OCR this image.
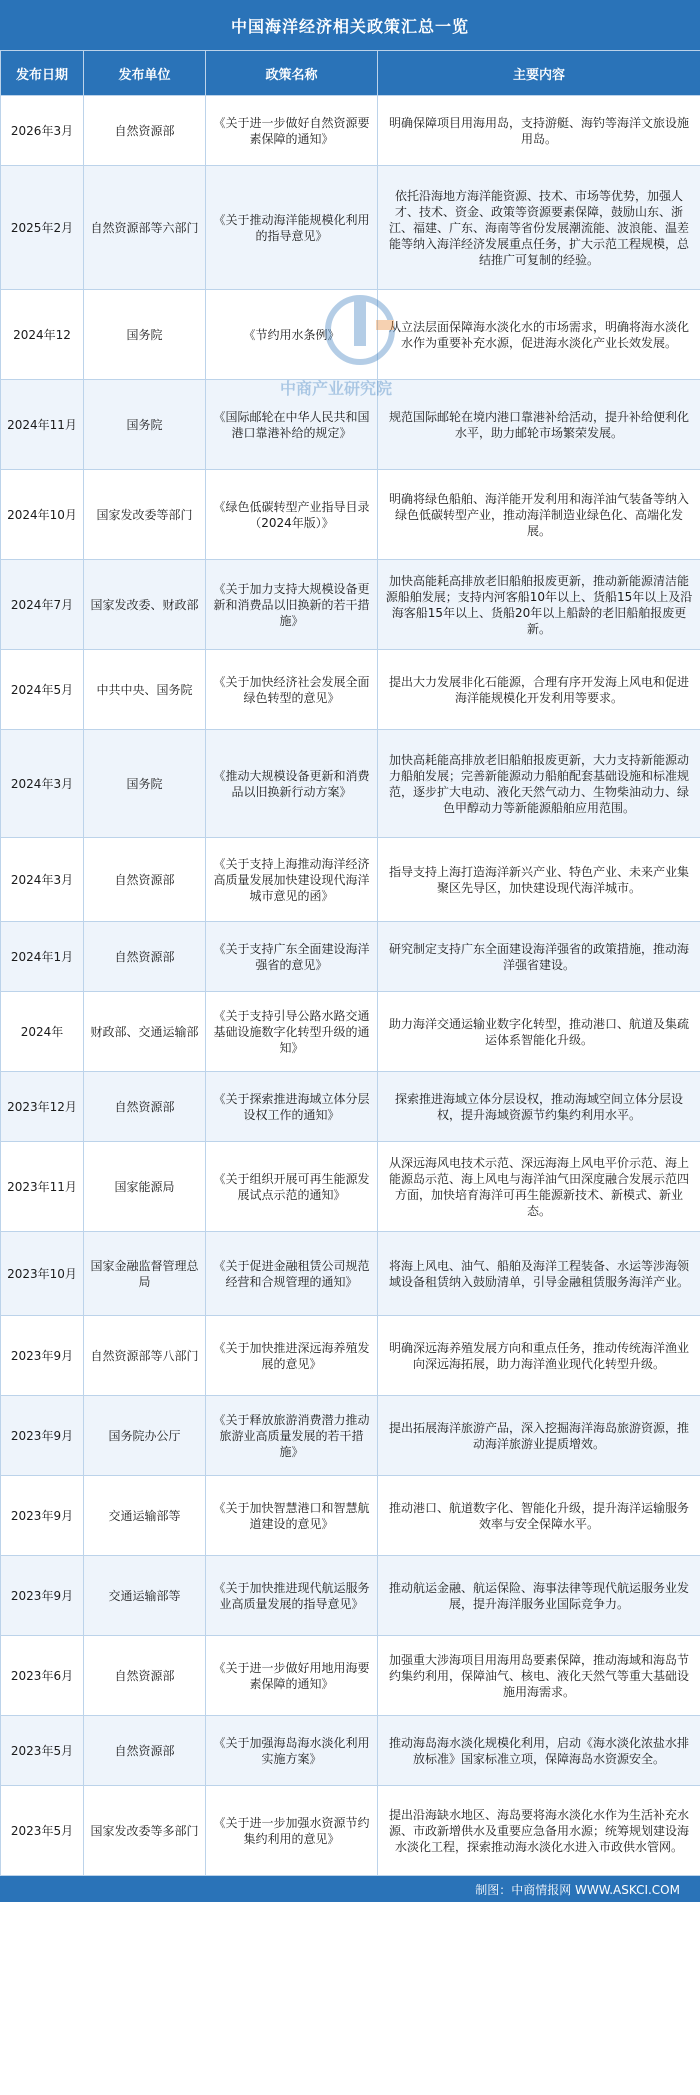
中国海洋经济相关政策汇总一览
发布日期	发布单位	政策名称	主要内容
2026年3月	自然资源部	《关于进一步做好自然资源要素保障的通知》	明确保障项目用海用岛，支持游艇、海钓等海洋文旅设施用岛。
2025年2月	自然资源部等六部门	《关于推动海洋能规模化利用的指导意见》	依托沿海地方海洋能资源、技术、市场等优势，加强人才、技术、资金、政策等资源要素保障，鼓励山东、浙江、福建、广东、海南等省份发展潮流能、波浪能、温差能等纳入海洋经济发展重点任务，扩大示范工程规模，总结推广可复制的经验。
2024年12	国务院	《节约用水条例》	从立法层面保障海水淡化水的市场需求，明确将海水淡化水作为重要补充水源，促进海水淡化产业长效发展。
2024年11月	国务院	《国际邮轮在中华人民共和国港口靠港补给的规定》	规范国际邮轮在境内港口靠港补给活动，提升补给便利化水平，助力邮轮市场繁荣发展。
2024年10月	国家发改委等部门	《绿色低碳转型产业指导目录（2024年版）》	明确将绿色船舶、海洋能开发利用和海洋油气装备等纳入绿色低碳转型产业，推动海洋制造业绿色化、高端化发展。
2024年7月	国家发改委、财政部	《关于加力支持大规模设备更新和消费品以旧换新的若干措施》	加快高能耗高排放老旧船舶报废更新，推动新能源清洁能源船舶发展；支持内河客船10年以上、货船15年以上及沿海客船15年以上、货船20年以上船龄的老旧船舶报废更新。
2024年5月	中共中央、国务院	《关于加快经济社会发展全面绿色转型的意见》	提出大力发展非化石能源，合理有序开发海上风电和促进海洋能规模化开发利用等要求。
2024年3月	国务院	《推动大规模设备更新和消费品以旧换新行动方案》	加快高耗能高排放老旧船舶报废更新，大力支持新能源动力船舶发展；完善新能源动力船舶配套基础设施和标准规范，逐步扩大电动、液化天然气动力、生物柴油动力、绿色甲醇动力等新能源船舶应用范围。
2024年3月	自然资源部	《关于支持上海推动海洋经济高质量发展加快建设现代海洋城市意见的函》	指导支持上海打造海洋新兴产业、特色产业、未来产业集聚区先导区，加快建设现代海洋城市。
2024年1月	自然资源部	《关于支持广东全面建设海洋强省的意见》	研究制定支持广东全面建设海洋强省的政策措施，推动海洋强省建设。
2024年	财政部、交通运输部	《关于支持引导公路水路交通基础设施数字化转型升级的通知》	助力海洋交通运输业数字化转型，推动港口、航道及集疏运体系智能化升级。
2023年12月	自然资源部	《关于探索推进海域立体分层设权工作的通知》	探索推进海域立体分层设权，推动海域空间立体分层设权，提升海域资源节约集约利用水平。
2023年11月	国家能源局	《关于组织开展可再生能源发展试点示范的通知》	从深远海风电技术示范、深远海海上风电平价示范、海上能源岛示范、海上风电与海洋油气田深度融合发展示范四方面，加快培育海洋可再生能源新技术、新模式、新业态。
2023年10月	国家金融监督管理总局	《关于促进金融租赁公司规范经营和合规管理的通知》	将海上风电、油气、船舶及海洋工程装备、水运等涉海领域设备租赁纳入鼓励清单，引导金融租赁服务海洋产业。
2023年9月	自然资源部等八部门	《关于加快推进深远海养殖发展的意见》	明确深远海养殖发展方向和重点任务，推动传统海洋渔业向深远海拓展，助力海洋渔业现代化转型升级。
2023年9月	国务院办公厅	《关于释放旅游消费潜力推动旅游业高质量发展的若干措施》	提出拓展海洋旅游产品，深入挖掘海洋海岛旅游资源，推动海洋旅游业提质增效。
2023年9月	交通运输部等	《关于加快智慧港口和智慧航道建设的意见》	推动港口、航道数字化、智能化升级，提升海洋运输服务效率与安全保障水平。
2023年9月	交通运输部等	《关于加快推进现代航运服务业高质量发展的指导意见》	推动航运金融、航运保险、海事法律等现代航运服务业发展，提升海洋服务业国际竞争力。
2023年6月	自然资源部	《关于进一步做好用地用海要素保障的通知》	加强重大涉海项目用海用岛要素保障，推动海域和海岛节约集约利用，保障油气、核电、液化天然气等重大基础设施用海需求。
2023年5月	自然资源部	《关于加强海岛海水淡化利用实施方案》	推动海岛海水淡化规模化利用，启动《海水淡化浓盐水排放标准》国家标准立项，保障海岛水资源安全。
2023年5月	国家发改委等多部门	《关于进一步加强水资源节约集约利用的意见》	提出沿海缺水地区、海岛要将海水淡化水作为生活补充水源、市政新增供水及重要应急备用水源；统筹规划建设海水淡化工程，探索推动海水淡化水进入市政供水管网。
制图：中商情报网 WWW.ASKCI.COM
中商产业研究院
